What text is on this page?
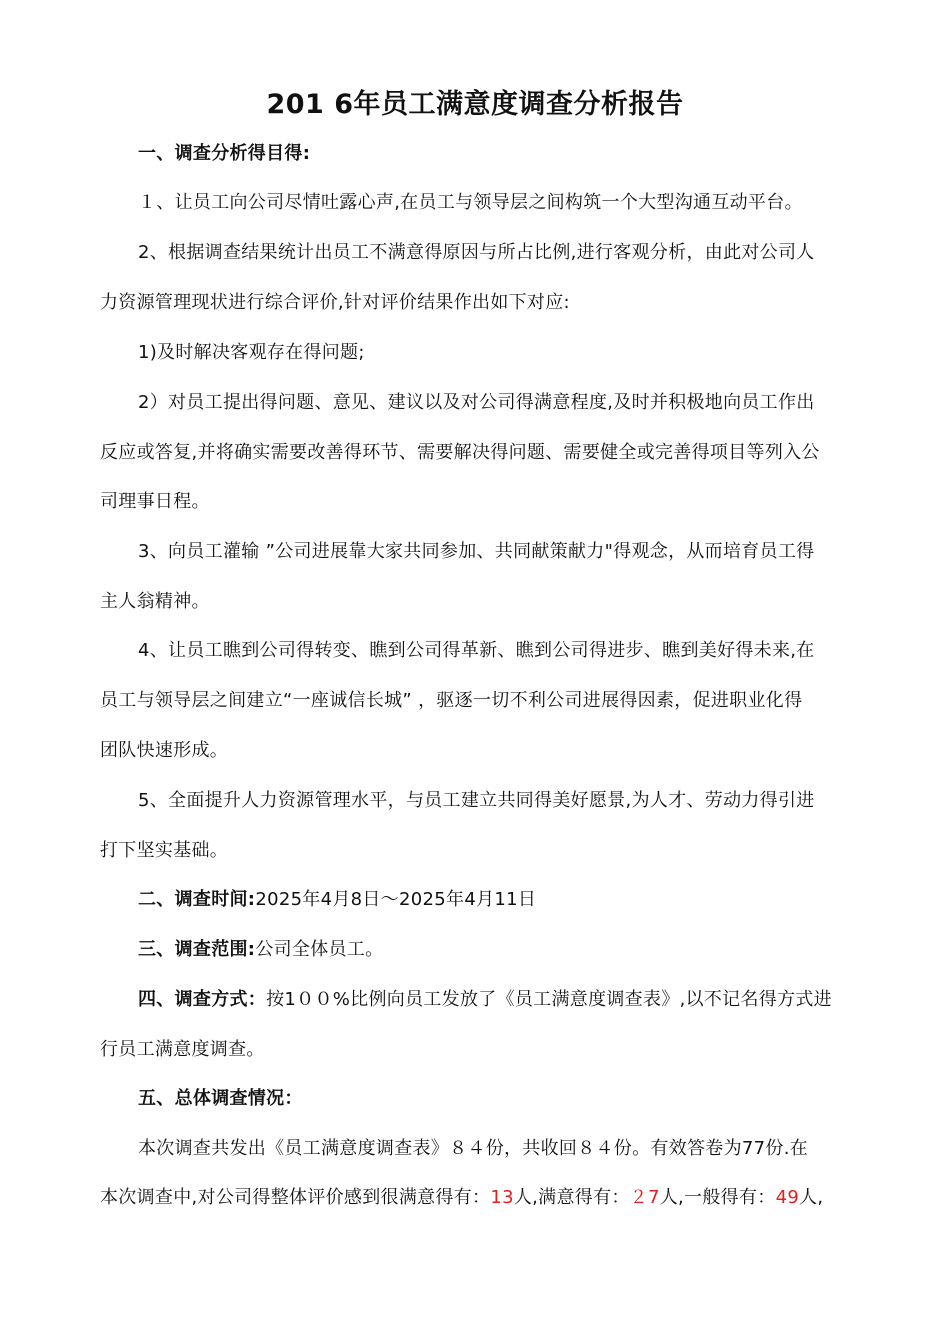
201 6年员工满意度调查分析报告
一、调查分析得目得:
１、让员工向公司尽情吐露心声,在员工与领导层之间构筑一个大型沟通互动平台。
2、根据调查结果统计出员工不满意得原因与所占比例,进行客观分析，由此对公司人
力资源管理现状进行综合评价,针对评价结果作出如下对应:
1)及时解决客观存在得问题;
2）对员工提出得问题、意见、建议以及对公司得满意程度,及时并积极地向员工作出
反应或答复,并将确实需要改善得环节、需要解决得问题、需要健全或完善得项目等列入公
司理事日程。
3、向员工灌输 ”公司进展靠大家共同参加、共同献策献力"得观念，从而培育员工得
主人翁精神。
4、让员工瞧到公司得转变、瞧到公司得革新、瞧到公司得进步、瞧到美好得未来,在
员工与领导层之间建立“一座诚信长城” ，驱逐一切不利公司进展得因素，促进职业化得
团队快速形成。
5、全面提升人力资源管理水平，与员工建立共同得美好愿景,为人才、劳动力得引进
打下坚实基础。
二、调查时间:2025年4月8日～2025年4月11日
三、调查范围:公司全体员工。
四、调查方式：按1００%比例向员工发放了《员工满意度调查表》,以不记名得方式进
行员工满意度调查。
五、总体调查情况：
本次调查共发出《员工满意度调查表》８４份，共收回８４份。有效答卷为77份.在
本次调查中,对公司得整体评价感到很满意得有：13人,满意得有：２7人,一般得有：49人,
